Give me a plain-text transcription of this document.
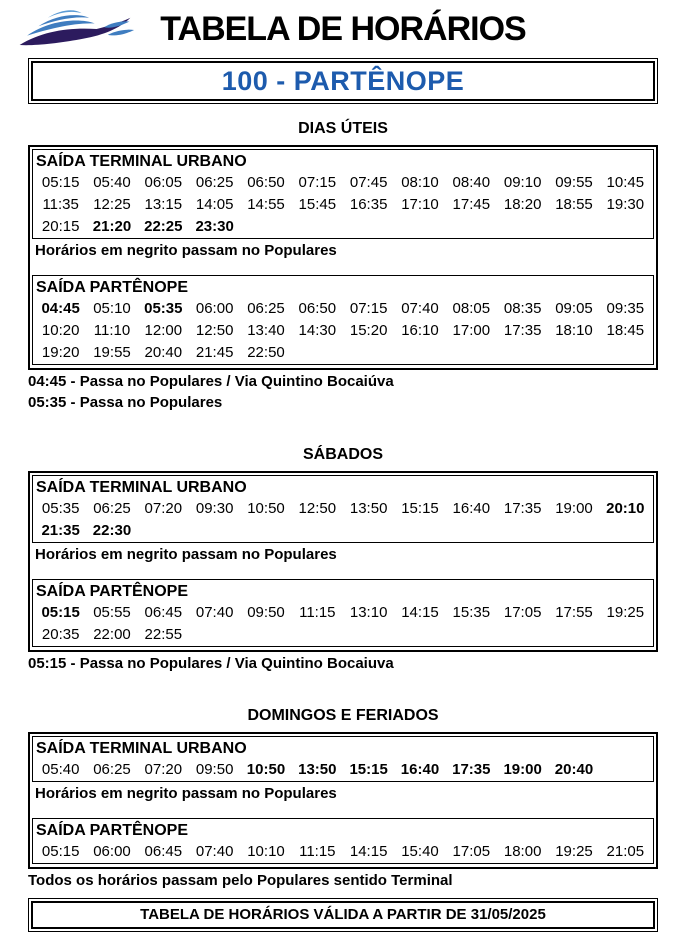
TABELA DE HORÁRIOS
100 - PARTÊNOPE
DIAS ÚTEIS
SAÍDA TERMINAL URBANO
05:15 05:40 06:05 06:25 06:50 07:15 07:45 08:10 08:40 09:10 09:55 10:45
11:35 12:25 13:15 14:05 14:55 15:45 16:35 17:10 17:45 18:20 18:55 19:30
20:15 21:20 22:25 23:30
Horários em negrito passam no Populares
SAÍDA PARTÊNOPE
04:45 05:10 05:35 06:00 06:25 06:50 07:15 07:40 08:05 08:35 09:05 09:35
10:20 11:10 12:00 12:50 13:40 14:30 15:20 16:10 17:00 17:35 18:10 18:45
19:20 19:55 20:40 21:45 22:50
04:45 - Passa no Populares / Via Quintino Bocaiúva
05:35 - Passa no Populares
SÁBADOS
SAÍDA TERMINAL URBANO
05:35 06:25 07:20 09:30 10:50 12:50 13:50 15:15 16:40 17:35 19:00 20:10
21:35 22:30
Horários em negrito passam no Populares
SAÍDA PARTÊNOPE
05:15 05:55 06:45 07:40 09:50 11:15 13:10 14:15 15:35 17:05 17:55 19:25
20:35 22:00 22:55
05:15 - Passa no Populares / Via Quintino Bocaiuva
DOMINGOS E FERIADOS
SAÍDA TERMINAL URBANO
05:40 06:25 07:20 09:50 10:50 13:50 15:15 16:40 17:35 19:00 20:40
Horários em negrito passam no Populares
SAÍDA PARTÊNOPE
05:15 06:00 06:45 07:40 10:10 11:15 14:15 15:40 17:05 18:00 19:25 21:05
Todos os horários passam pelo Populares sentido Terminal
TABELA DE HORÁRIOS VÁLIDA A PARTIR DE 31/05/2025
